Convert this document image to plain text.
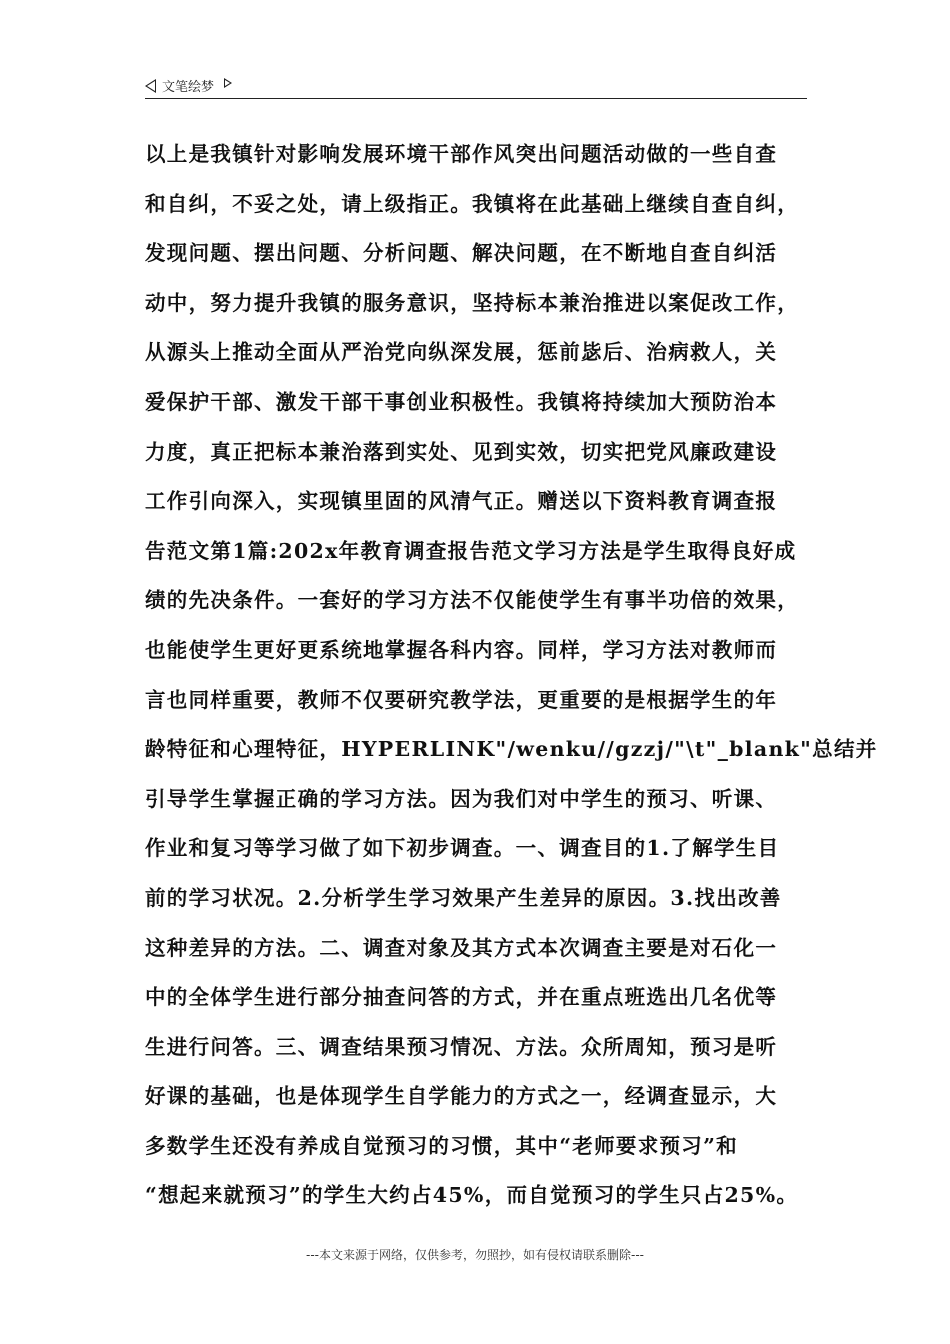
文笔绘梦
以上是我镇针对影响发展环境干部作风突出问题活动做的一些自查
和自纠，不妥之处，请上级指正。我镇将在此基础上继续自查自纠，
发现问题、摆出问题、分析问题、解决问题，在不断地自查自纠活
动中，努力提升我镇的服务意识，坚持标本兼治推进以案促改工作，
从源头上推动全面从严治党向纵深发展，惩前毖后、治病救人，关
爱保护干部、激发干部干事创业积极性。我镇将持续加大预防治本
力度，真正把标本兼治落到实处、见到实效，切实把党风廉政建设
工作引向深入，实现镇里固的风清气正。赠送以下资料教育调查报
告范文第1篇:202x年教育调查报告范文学习方法是学生取得良好成
绩的先决条件。一套好的学习方法不仅能使学生有事半功倍的效果，
也能使学生更好更系统地掌握各科内容。同样，学习方法对教师而
言也同样重要，教师不仅要研究教学法，更重要的是根据学生的年
龄特征和心理特征，HYPERLINK"/wenku//gzzj/"\t"_blank"总结并
引导学生掌握正确的学习方法。因为我们对中学生的预习、听课、
作业和复习等学习做了如下初步调查。一、调查目的1.了解学生目
前的学习状况。2.分析学生学习效果产生差异的原因。3.找出改善
这种差异的方法。二、调查对象及其方式本次调查主要是对石化一
中的全体学生进行部分抽查问答的方式，并在重点班选出几名优等
生进行问答。三、调查结果预习情况、方法。众所周知，预习是听
好课的基础，也是体现学生自学能力的方式之一，经调查显示，大
多数学生还没有养成自觉预习的习惯，其中“老师要求预习”和
“想起来就预习”的学生大约占45%，而自觉预习的学生只占25%。
---本文来源于网络，仅供参考，勿照抄，如有侵权请联系删除---
